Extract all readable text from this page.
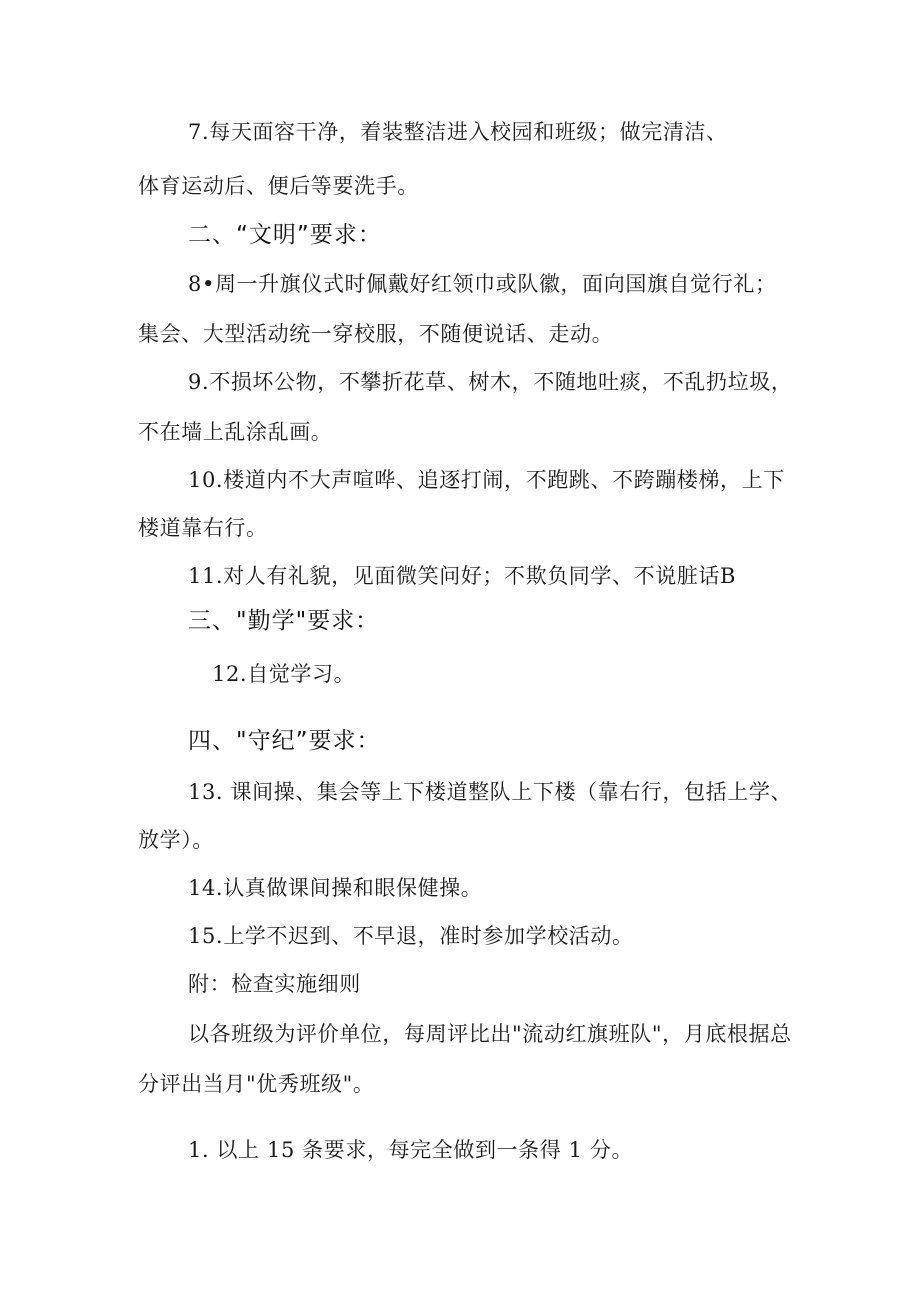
7.每天面容干净，着装整洁进入校园和班级；做完清洁、
体育运动后、便后等要洗手。
二、“文明”要求：
8•周一升旗仪式时佩戴好红领巾或队徽，面向国旗自觉行礼；
集会、大型活动统一穿校服，不随便说话、走动。
9.不损坏公物，不攀折花草、树木，不随地吐痰，不乱扔垃圾，
不在墙上乱涂乱画。
10.楼道内不大声喧哗、追逐打闹，不跑跳、不跨蹦楼梯，上下
楼道靠右行。
11.对人有礼貌，见面微笑问好；不欺负同学、不说脏话B
三、"勤学"要求：
12.自觉学习。
四、"守纪”要求：
13. 课间操、集会等上下楼道整队上下楼（靠右行，包括上学、
放学）。
14.认真做课间操和眼保健操。
15.上学不迟到、不早退，准时参加学校活动。
附：检查实施细则
以各班级为评价单位，每周评比出"流动红旗班队"，月底根据总
分评出当月"优秀班级"。
1. 以上 15 条要求，每完全做到一条得 1 分。
